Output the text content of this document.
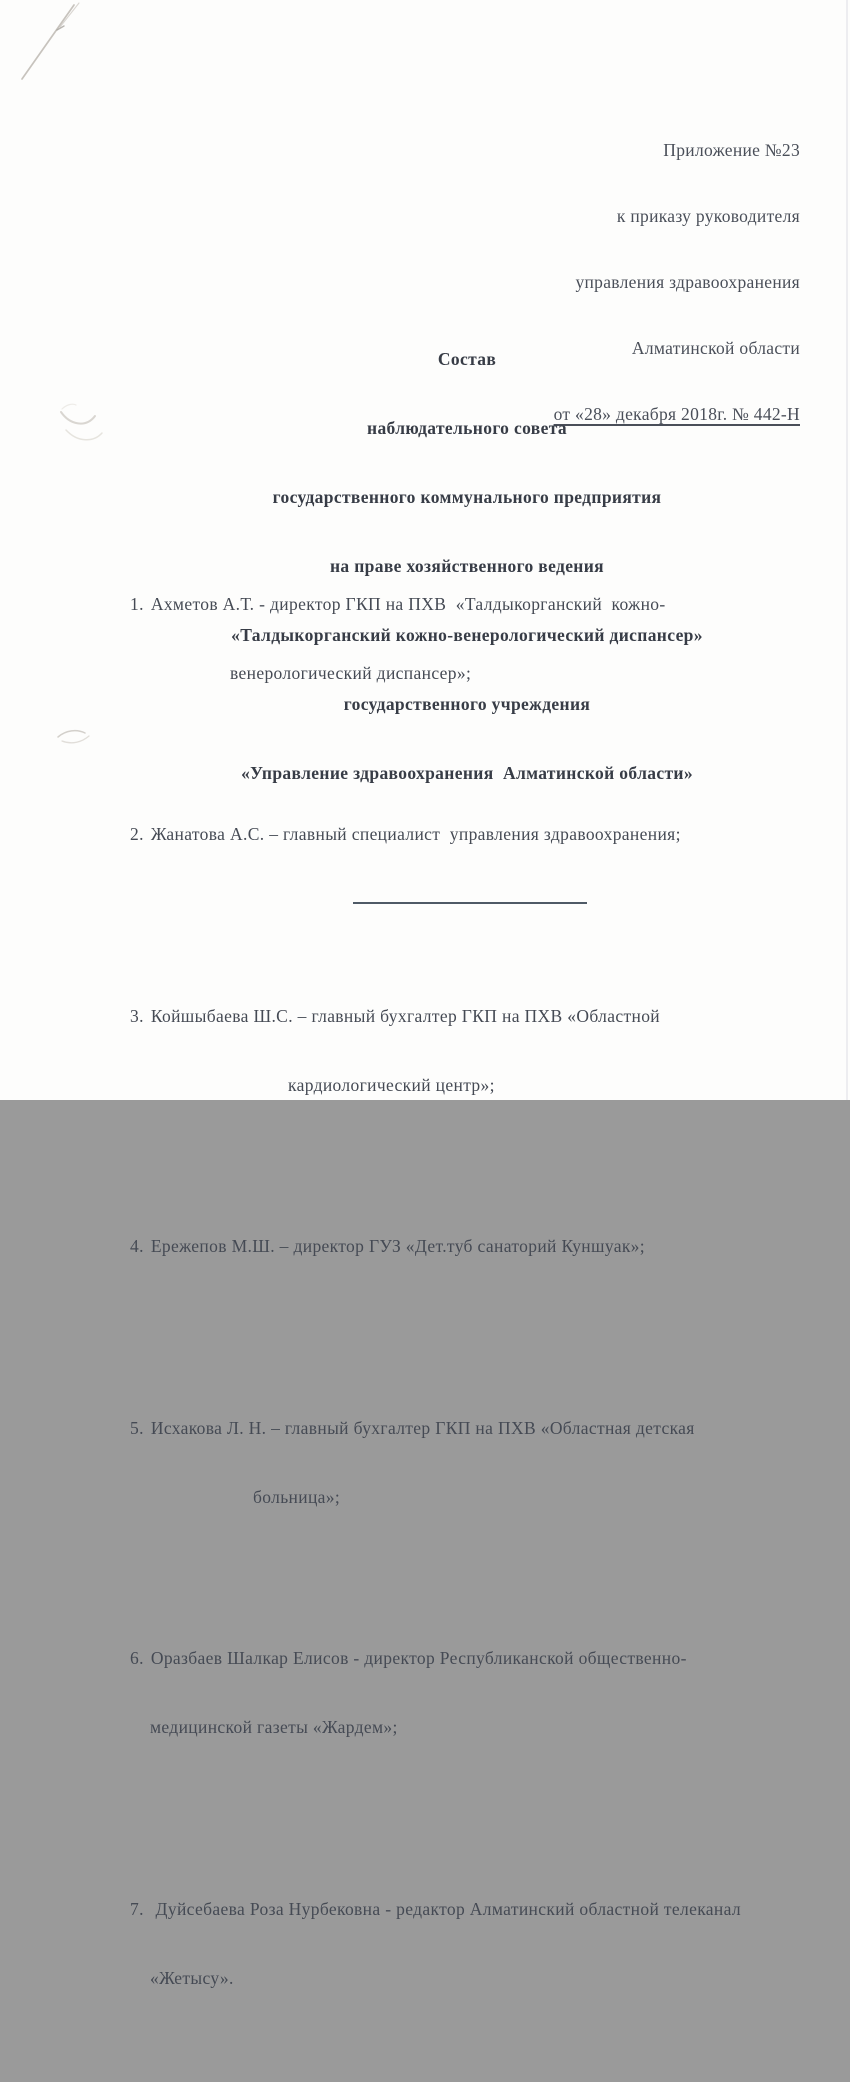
Приложение №23

к приказу руководителя

управления здравоохранения

Алматинской области

от «28» декабря 2018г. № 442-Н

Состав

наблюдательного совета

государственного коммунального предприятия

на праве хозяйственного ведения

«Талдыкорганский кожно-венерологический диспансер»

государственного учреждения

«Управление здравоохранения  Алматинской области»

1. Ахметов А.Т. - директор ГКП на ПХВ  «Талдыкорганский  кожно-

венерологический диспансер»;

2. Жанатова А.С. – главный специалист  управления здравоохранения;

3. Койшыбаева Ш.С. – главный бухгалтер ГКП на ПХВ «Областной

кардиологический центр»;

4. Ережепов М.Ш. – директор ГУЗ «Дет.туб санаторий Куншуак»;

5. Исхакова Л. Н. – главный бухгалтер ГКП на ПХВ «Областная детская

больница»;

6. Оразбаев Шалкар Елисов - директор Республиканской общественно-

медицинской газеты «Жардем»;

7. Дуйсебаева Роза Нурбековна - редактор Алматинский областной телеканал

«Жетысу».
